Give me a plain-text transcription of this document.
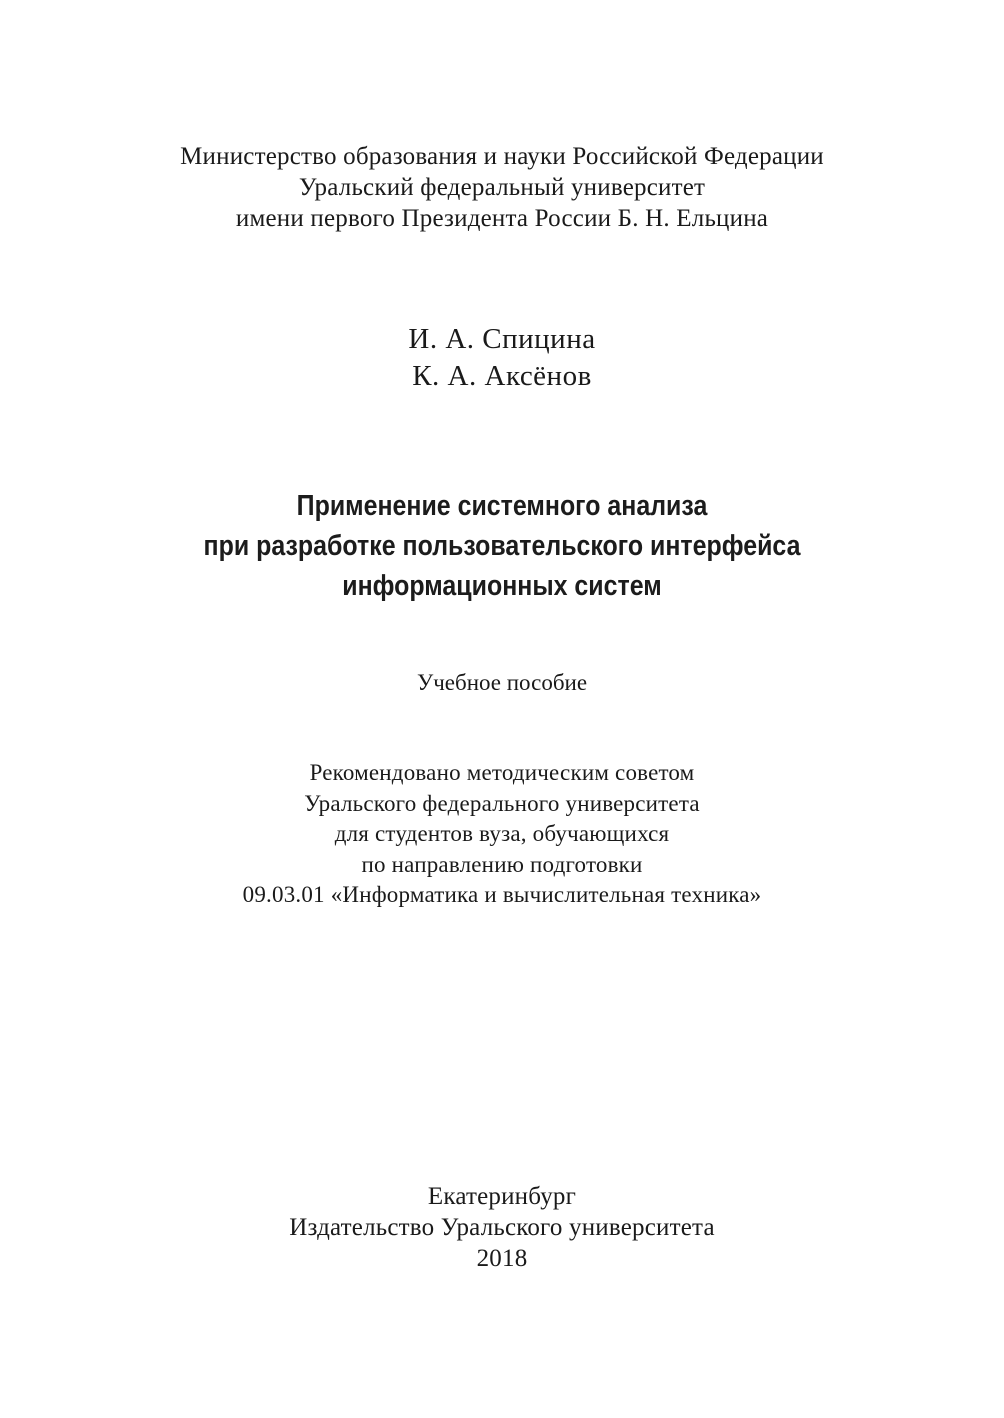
Министерство образования и науки Российской Федерации
Уральский федеральный университет
имени первого Президента России Б. Н. Ельцина
И. А. Спицина
К. А. Аксёнов
Применение системного анализа
при разработке пользовательского интерфейса
информационных систем
Учебное пособие
Рекомендовано методическим советом
Уральского федерального университета
для студентов вуза, обучающихся
по направлению подготовки
09.03.01 «Информатика и вычислительная техника»
Екатеринбург
Издательство Уральского университета
2018
